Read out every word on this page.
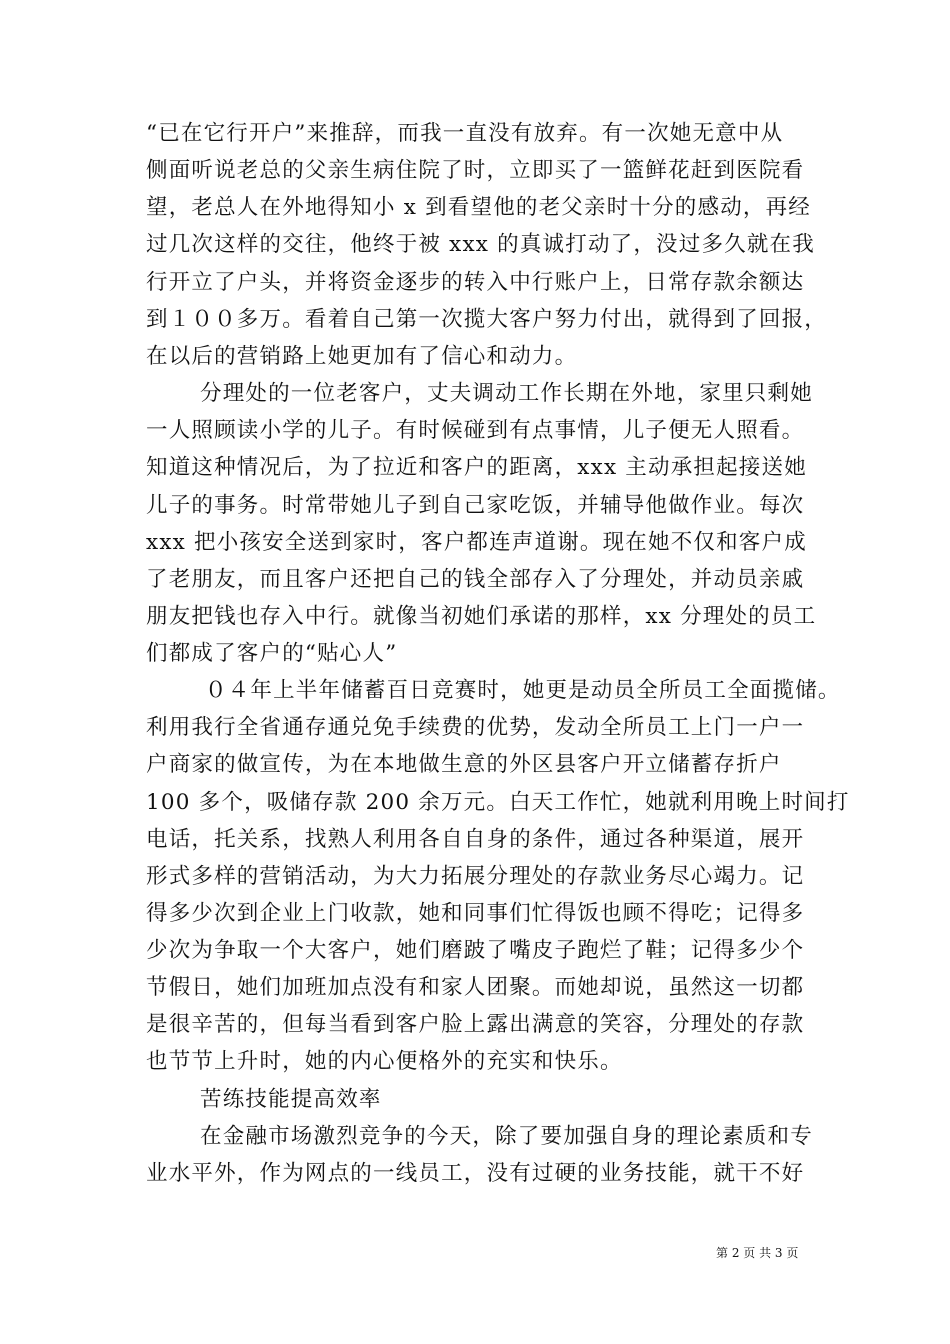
“已在它行开户”来推辞，而我一直没有放弃。有一次她无意中从
侧面听说老总的父亲生病住院了时，立即买了一篮鲜花赶到医院看
望，老总人在外地得知小 x 到看望他的老父亲时十分的感动，再经
过几次这样的交往，他终于被 xxx 的真诚打动了，没过多久就在我
行开立了户头，并将资金逐步的转入中行账户上，日常存款余额达
到１００多万。看着自己第一次揽大客户努力付出，就得到了回报，
在以后的营销路上她更加有了信心和动力。
分理处的一位老客户，丈夫调动工作长期在外地，家里只剩她
一人照顾读小学的儿子。有时候碰到有点事情，儿子便无人照看。
知道这种情况后，为了拉近和客户的距离，xxx 主动承担起接送她
儿子的事务。时常带她儿子到自己家吃饭，并辅导他做作业。每次
xxx 把小孩安全送到家时，客户都连声道谢。现在她不仅和客户成
了老朋友，而且客户还把自己的钱全部存入了分理处，并动员亲戚
朋友把钱也存入中行。就像当初她们承诺的那样，xx 分理处的员工
们都成了客户的“贴心人”
０４年上半年储蓄百日竞赛时，她更是动员全所员工全面揽储。
利用我行全省通存通兑免手续费的优势，发动全所员工上门一户一
户商家的做宣传，为在本地做生意的外区县客户开立储蓄存折户
100 多个，吸储存款 200 余万元。白天工作忙，她就利用晚上时间打
电话，托关系，找熟人利用各自自身的条件，通过各种渠道，展开
形式多样的营销活动，为大力拓展分理处的存款业务尽心竭力。记
得多少次到企业上门收款，她和同事们忙得饭也顾不得吃；记得多
少次为争取一个大客户，她们磨跛了嘴皮子跑烂了鞋；记得多少个
节假日，她们加班加点没有和家人团聚。而她却说，虽然这一切都
是很辛苦的，但每当看到客户脸上露出满意的笑容，分理处的存款
也节节上升时，她的内心便格外的充实和快乐。
苦练技能提高效率
在金融市场激烈竞争的今天，除了要加强自身的理论素质和专
业水平外，作为网点的一线员工，没有过硬的业务技能，就干不好
第 2 页 共 3 页
